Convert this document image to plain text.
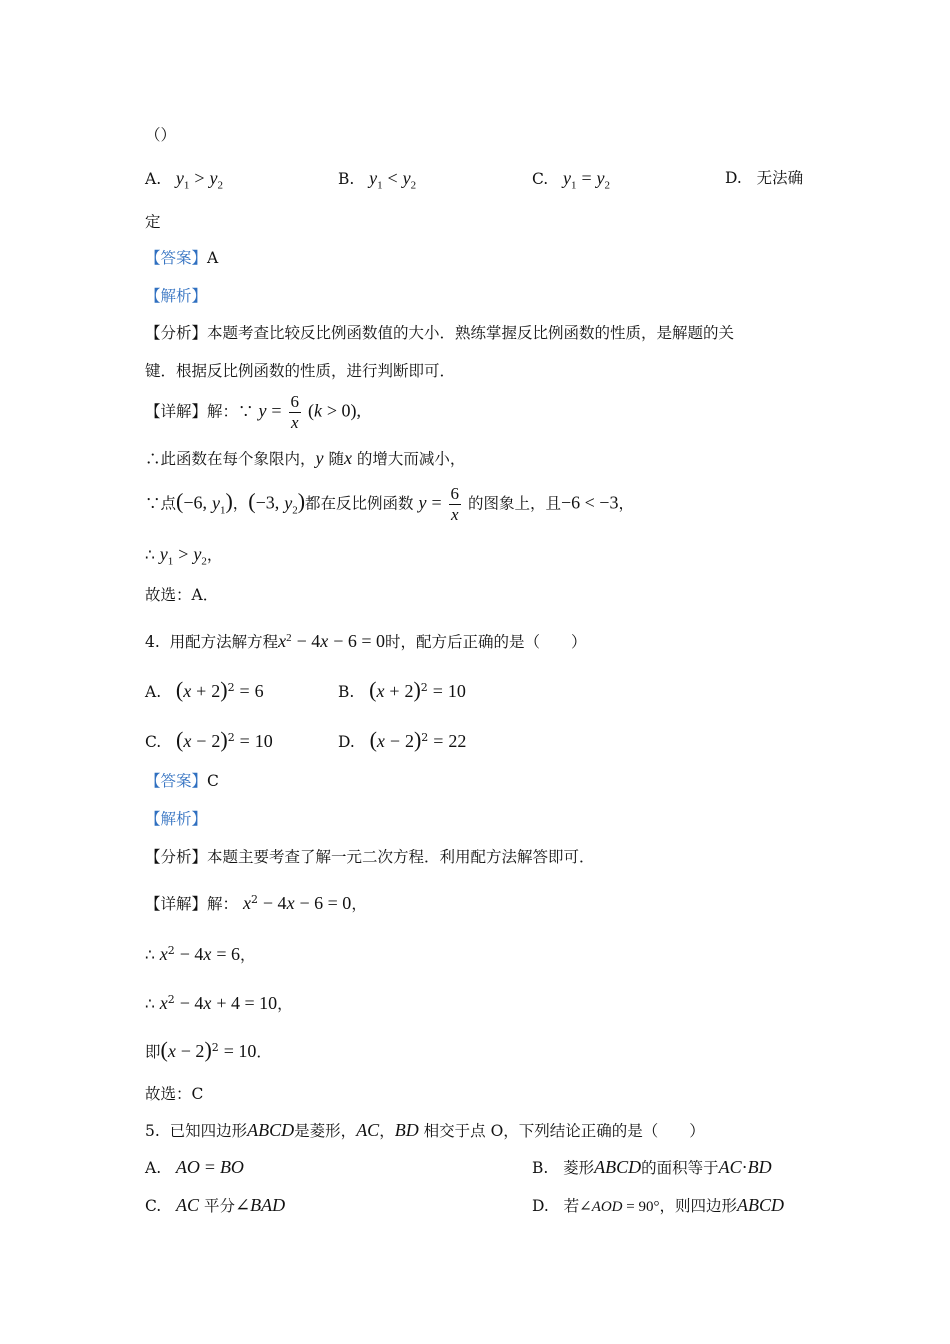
（）
A. $y_1 > y_2$	B. $y_1 < y_2$	C. $y_1 = y_2$	D. 无法确
定
【答案】A
【解析】
【分析】本题考查比较反比例函数值的大小．熟练掌握反比例函数的性质，是解题的关
键．根据反比例函数的性质，进行判断即可．
【详解】解：∵ $y = \frac{6}{x} (k > 0)$,
∴此函数在每个象限内，y 随x 的增大而减小，
∵点(−6, $y_1$)，(−3, $y_2$)都在反比例函数 $y = \frac{6}{x}$ 的图象上，且−6 < −3，
∴ $y_1 > y_2$，
故选：A．
4. 用配方法解方程$x^2 - 4x - 6 = 0$时，配方后正确的是（　　）
A. $(x + 2)^2 = 6$	B. $(x + 2)^2 = 10$
C. $(x - 2)^2 = 10$	D. $(x - 2)^2 = 22$
【答案】C
【解析】
【分析】本题主要考查了解一元二次方程．利用配方法解答即可．
【详解】解： $x^2 - 4x - 6 = 0$，
∴ $x^2 - 4x = 6$，
∴ $x^2 - 4x + 4 = 10$，
即$(x - 2)^2 = 10$．
故选：C
5. 已知四边形ABCD是菱形，AC，BD 相交于点 O，下列结论正确的是（　　）
A. AO = BO	B. 菱形ABCD的面积等于AC·BD
C. AC 平分∠BAD	D. 若∠AOD = 90°，则四边形ABCD
